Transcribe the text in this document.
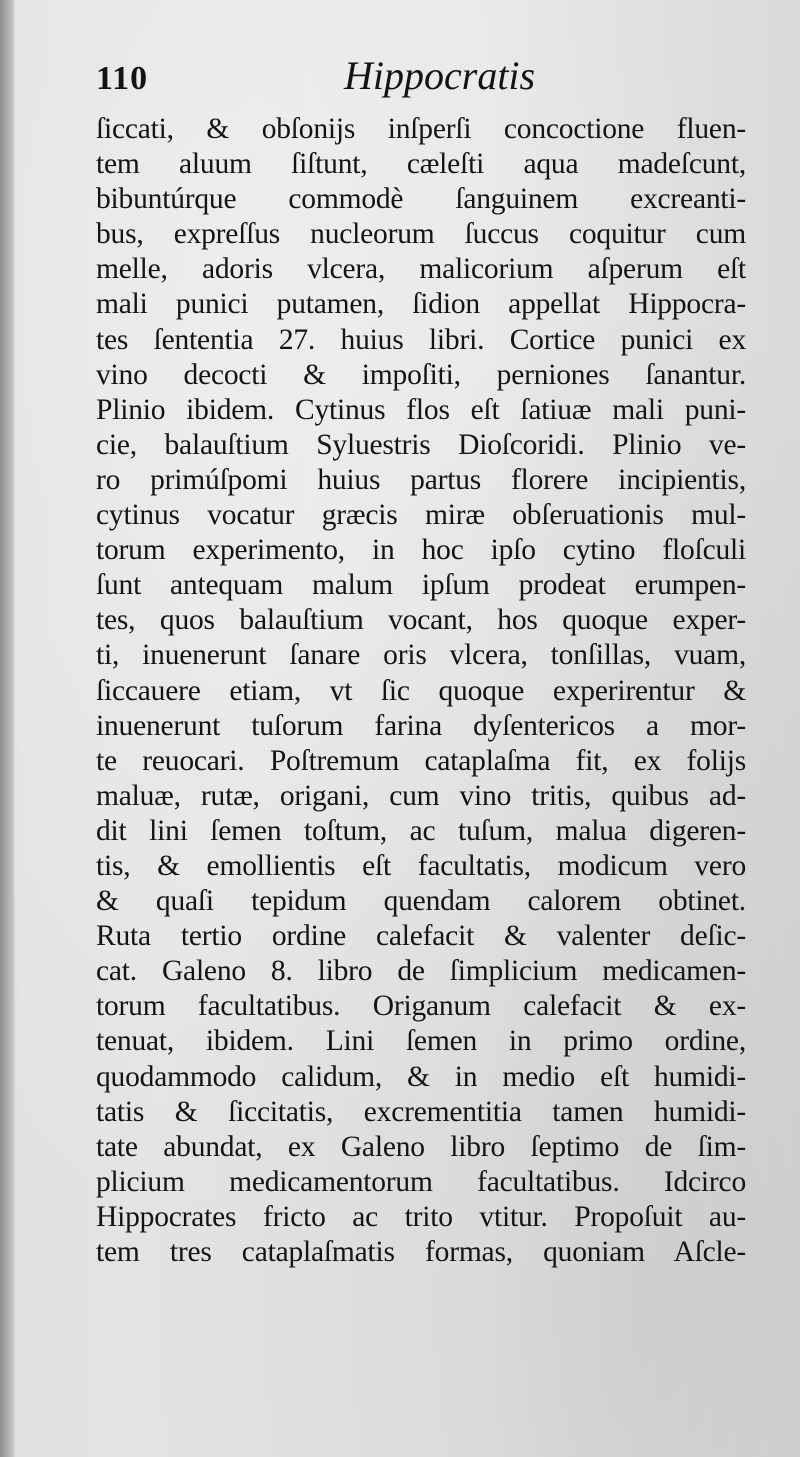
110	Hippocratis
ſiccati, & obſonijs inſperſi concoctione fluen-
tem aluum ſiſtunt, cæleſti aqua madeſcunt,
bibuntúrque commodè ſanguinem excreanti-
bus, expreſſus nucleorum ſuccus coquitur cum
melle, adoris vlcera, malicorium aſperum eſt
mali punici putamen, ſidion appellat Hippocra-
tes ſententia 27. huius libri. Cortice punici ex
vino decocti & impoſiti, perniones ſanantur.
Plinio ibidem. Cytinus flos eſt ſatiuæ mali puni-
cie, balauſtium Syluestris Dioſcoridi. Plinio ve-
ro primúſpomi huius partus florere incipientis,
cytinus vocatur græcis miræ obſeruationis mul-
torum experimento, in hoc ipſo cytino floſculi
ſunt antequam malum ipſum prodeat erumpen-
tes, quos balauſtium vocant, hos quoque exper-
ti, inuenerunt ſanare oris vlcera, tonſillas, vuam,
ſiccauere etiam, vt ſic quoque experirentur &
inuenerunt tuſorum farina dyſentericos a mor-
te reuocari. Poſtremum cataplaſma fit, ex folijs
maluæ, rutæ, origani, cum vino tritis, quibus ad-
dit lini ſemen toſtum, ac tuſum, malua digeren-
tis, & emollientis eſt facultatis, modicum vero
& quaſi tepidum quendam calorem obtinet.
Ruta tertio ordine calefacit & valenter deſic-
cat. Galeno 8. libro de ſimplicium medicamen-
torum facultatibus. Origanum calefacit & ex-
tenuat, ibidem. Lini ſemen in primo ordine,
quodammodo calidum, & in medio eſt humidi-
tatis & ſiccitatis, excrementitia tamen humidi-
tate abundat, ex Galeno libro ſeptimo de ſim-
plicium medicamentorum facultatibus. Idcirco
Hippocrates fricto ac trito vtitur. Propoſuit au-
tem tres cataplaſmatis formas, quoniam Aſcle-
